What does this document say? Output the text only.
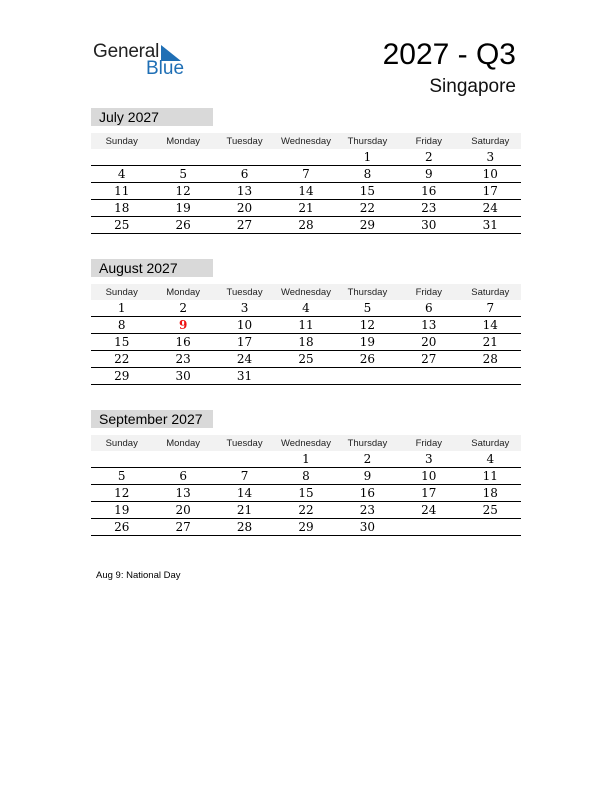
General
Blue	2027 - Q3
Singapore
July 2027
Sunday	Monday	Tuesday	Wednesday	Thursday	Friday	Saturday
				1	2	3
4	5	6	7	8	9	10
11	12	13	14	15	16	17
18	19	20	21	22	23	24
25	26	27	28	29	30	31
August 2027
Sunday	Monday	Tuesday	Wednesday	Thursday	Friday	Saturday
1	2	3	4	5	6	7
8	9	10	11	12	13	14
15	16	17	18	19	20	21
22	23	24	25	26	27	28
29	30	31				
September 2027
Sunday	Monday	Tuesday	Wednesday	Thursday	Friday	Saturday
			1	2	3	4
5	6	7	8	9	10	11
12	13	14	15	16	17	18
19	20	21	22	23	24	25
26	27	28	29	30		
Aug 9: National Day
